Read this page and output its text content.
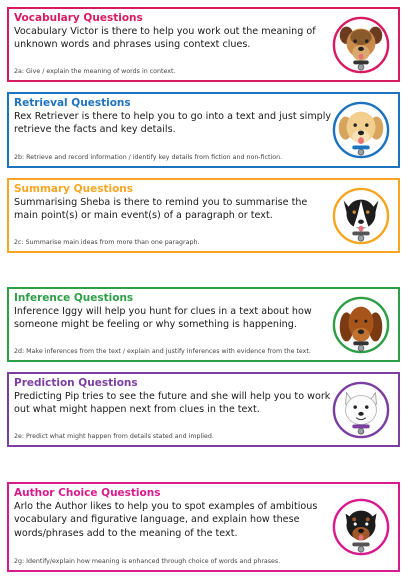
Vocabulary Questions
Vocabulary Victor is there to help you work out the meaning of unknown words and phrases using context clues.
2a: Give / explain the meaning of words in context.
Retrieval Questions
Rex Retriever is there to help you to go into a text and just simply retrieve the facts and key details.
2b: Retrieve and record information / identify key details from fiction and non-fiction.
Summary Questions
Summarising Sheba is there to remind you to summarise the main point(s) or main event(s) of a paragraph or text.
2c: Summarise main ideas from more than one paragraph.
Inference Questions
Inference Iggy will help you hunt for clues in a text about how someone might be feeling or why something is happening.
2d: Make inferences from the text / explain and justify inferences with evidence from the text.
Prediction Questions
Predicting Pip tries to see the future and she will help you to work out what might happen next from clues in the text.
2e: Predict what might happen from details stated and implied.
Author Choice Questions
Arlo the Author likes to help you to spot examples of ambitious vocabulary and figurative language, and explain how these words/phrases add to the meaning of the text.
2g: Identify/explain how meaning is enhanced through choice of words and phrases.
